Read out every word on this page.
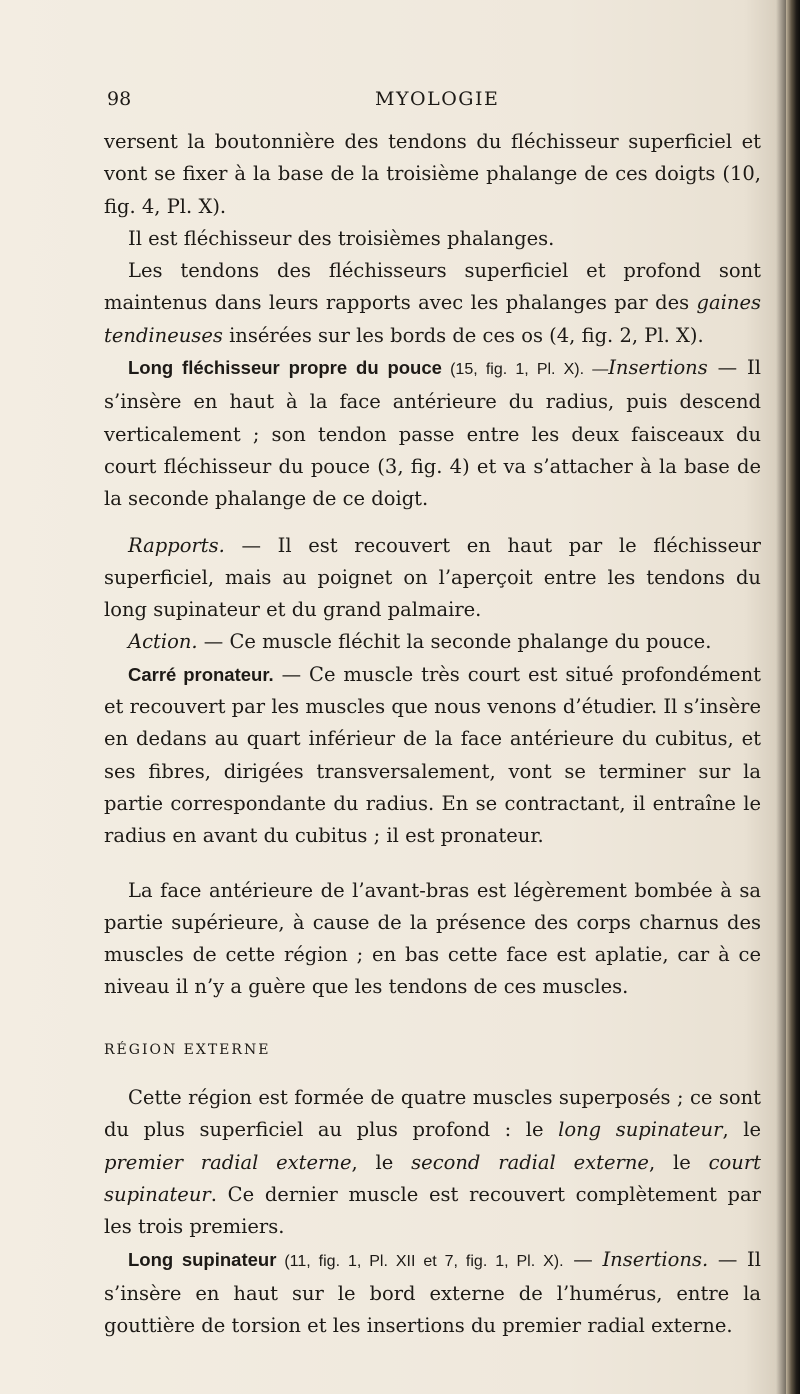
98	MYOLOGIE

versent la boutonnière des tendons du fléchisseur superficiel et vont se fixer à la base de la troisième phalange de ces doigts (10, fig. 4, Pl. X).

Il est fléchisseur des troisièmes phalanges.

Les tendons des fléchisseurs superficiel et profond sont maintenus dans leurs rapports avec les phalanges par des gaines tendineuses insérées sur les bords de ces os (4, fig. 2, Pl. X).

Long fléchisseur propre du pouce (15, fig. 1, Pl. X). —Insertions — Il s’insère en haut à la face antérieure du radius, puis descend verticalement ; son tendon passe entre les deux faisceaux du court fléchisseur du pouce (3, fig. 4) et va s’attacher à la base de la seconde phalange de ce doigt.

Rapports. — Il est recouvert en haut par le fléchisseur superficiel, mais au poignet on l’aperçoit entre les tendons du long supinateur et du grand palmaire.

Action. — Ce muscle fléchit la seconde phalange du pouce.

Carré pronateur. — Ce muscle très court est situé profondément et recouvert par les muscles que nous venons d’étudier. Il s’insère en dedans au quart inférieur de la face antérieure du cubitus, et ses fibres, dirigées transversalement, vont se terminer sur la partie correspondante du radius. En se contractant, il entraîne le radius en avant du cubitus ; il est pronateur.

La face antérieure de l’avant-bras est légèrement bombée à sa partie supérieure, à cause de la présence des corps charnus des muscles de cette région ; en bas cette face est aplatie, car à ce niveau il n’y a guère que les tendons de ces muscles.

RÉGION EXTERNE

Cette région est formée de quatre muscles superposés ; ce sont du plus superficiel au plus profond : le long supinateur, le premier radial externe, le second radial externe, le court supinateur. Ce dernier muscle est recouvert complètement par les trois premiers.

Long supinateur (11, fig. 1, Pl. XII et 7, fig. 1, Pl. X). — Insertions. — Il s’insère en haut sur le bord externe de l’humérus, entre la gouttière de torsion et les insertions du premier radial externe.
